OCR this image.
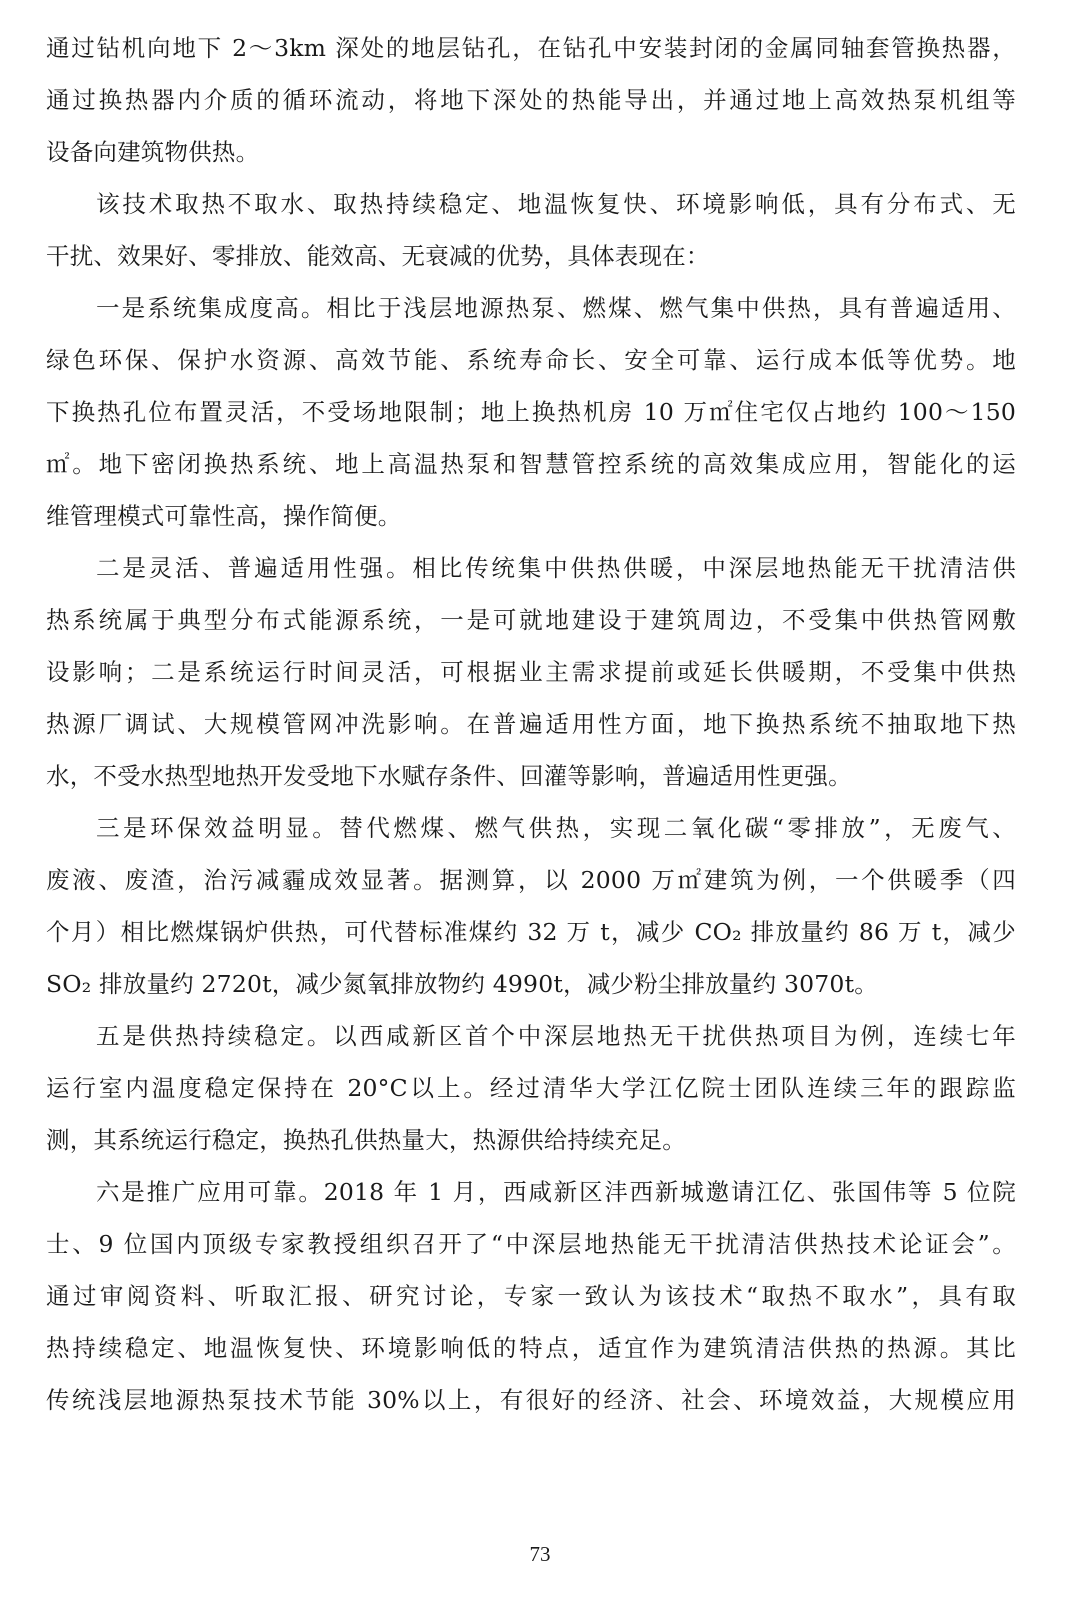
通过钻机向地下 2～3km 深处的地层钻孔，在钻孔中安装封闭的金属同轴套管换热器，
通过换热器内介质的循环流动，将地下深处的热能导出，并通过地上高效热泵机组等
设备向建筑物供热。
该技术取热不取水、取热持续稳定、地温恢复快、环境影响低，具有分布式、无
干扰、效果好、零排放、能效高、无衰减的优势，具体表现在：
一是系统集成度高。相比于浅层地源热泵、燃煤、燃气集中供热，具有普遍适用、
绿色环保、保护水资源、高效节能、系统寿命长、安全可靠、运行成本低等优势。地
下换热孔位布置灵活，不受场地限制；地上换热机房 10 万㎡住宅仅占地约 100～150
㎡。地下密闭换热系统、地上高温热泵和智慧管控系统的高效集成应用，智能化的运
维管理模式可靠性高，操作简便。
二是灵活、普遍适用性强。相比传统集中供热供暖，中深层地热能无干扰清洁供
热系统属于典型分布式能源系统，一是可就地建设于建筑周边，不受集中供热管网敷
设影响；二是系统运行时间灵活，可根据业主需求提前或延长供暖期，不受集中供热
热源厂调试、大规模管网冲洗影响。在普遍适用性方面，地下换热系统不抽取地下热
水，不受水热型地热开发受地下水赋存条件、回灌等影响，普遍适用性更强。
三是环保效益明显。替代燃煤、燃气供热，实现二氧化碳“零排放”，无废气、
废液、废渣，治污减霾成效显著。据测算，以 2000 万㎡建筑为例，一个供暖季（四
个月）相比燃煤锅炉供热，可代替标准煤约 32 万 t，减少 CO₂ 排放量约 86 万 t，减少
SO₂ 排放量约 2720t，减少氮氧排放物约 4990t，减少粉尘排放量约 3070t。
五是供热持续稳定。以西咸新区首个中深层地热无干扰供热项目为例，连续七年
运行室内温度稳定保持在 20°C以上。经过清华大学江亿院士团队连续三年的跟踪监
测，其系统运行稳定，换热孔供热量大，热源供给持续充足。
六是推广应用可靠。2018 年 1 月，西咸新区沣西新城邀请江亿、张国伟等 5 位院
士、9 位国内顶级专家教授组织召开了“中深层地热能无干扰清洁供热技术论证会”。
通过审阅资料、听取汇报、研究讨论，专家一致认为该技术“取热不取水”，具有取
热持续稳定、地温恢复快、环境影响低的特点，适宜作为建筑清洁供热的热源。其比
传统浅层地源热泵技术节能 30%以上，有很好的经济、社会、环境效益，大规模应用
73
